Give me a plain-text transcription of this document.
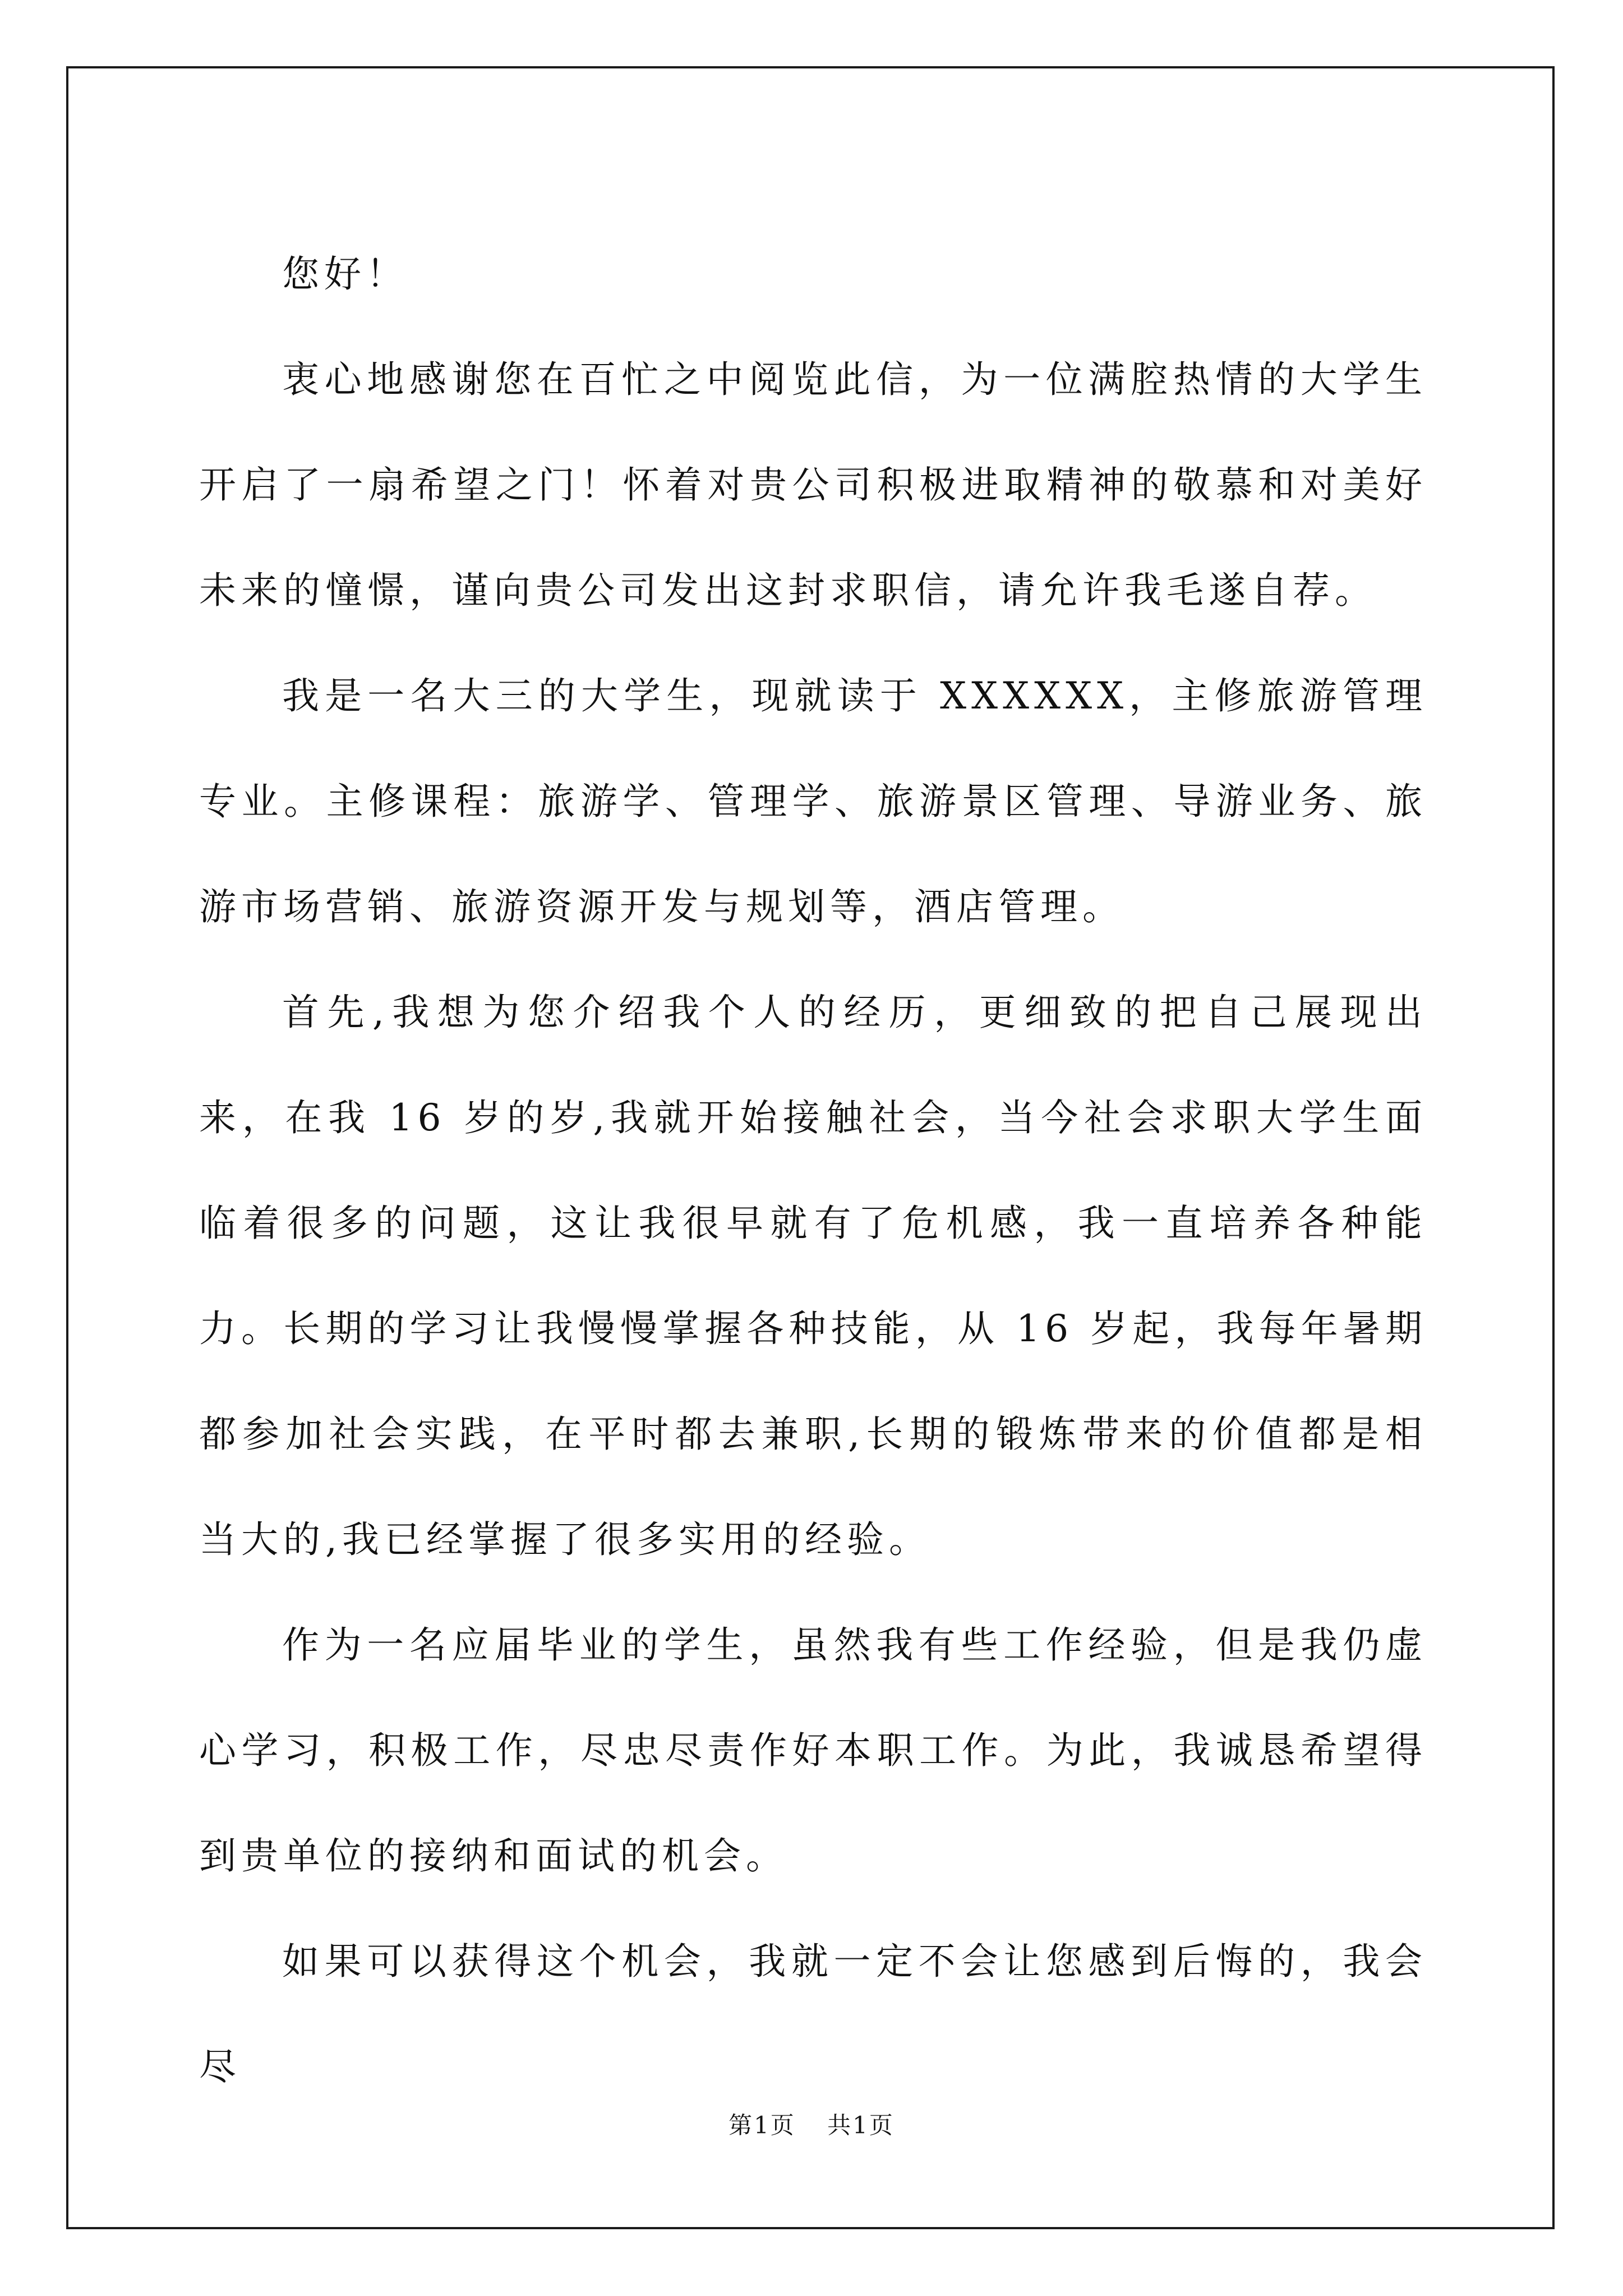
您好！

衷心地感谢您在百忙之中阅览此信，为一位满腔热情的大学生开启了一扇希望之门！怀着对贵公司积极进取精神的敬慕和对美好未来的憧憬，谨向贵公司发出这封求职信，请允许我毛遂自荐。

我是一名大三的大学生，现就读于 XXXXXX，主修旅游管理专业。主修课程：旅游学、管理学、旅游景区管理、导游业务、旅游市场营销、旅游资源开发与规划等，酒店管理。

首先,我想为您介绍我个人的经历，更细致的把自己展现出来，在我 16 岁的岁,我就开始接触社会，当今社会求职大学生面临着很多的问题，这让我很早就有了危机感，我一直培养各种能力。长期的学习让我慢慢掌握各种技能，从 16 岁起，我每年暑期都参加社会实践，在平时都去兼职,长期的锻炼带来的价值都是相当大的,我已经掌握了很多实用的经验。

作为一名应届毕业的学生，虽然我有些工作经验，但是我仍虚心学习，积极工作，尽忠尽责作好本职工作。为此，我诚恳希望得到贵单位的接纳和面试的机会。

如果可以获得这个机会，我就一定不会让您感到后悔的，我会尽

第1页 共1页
